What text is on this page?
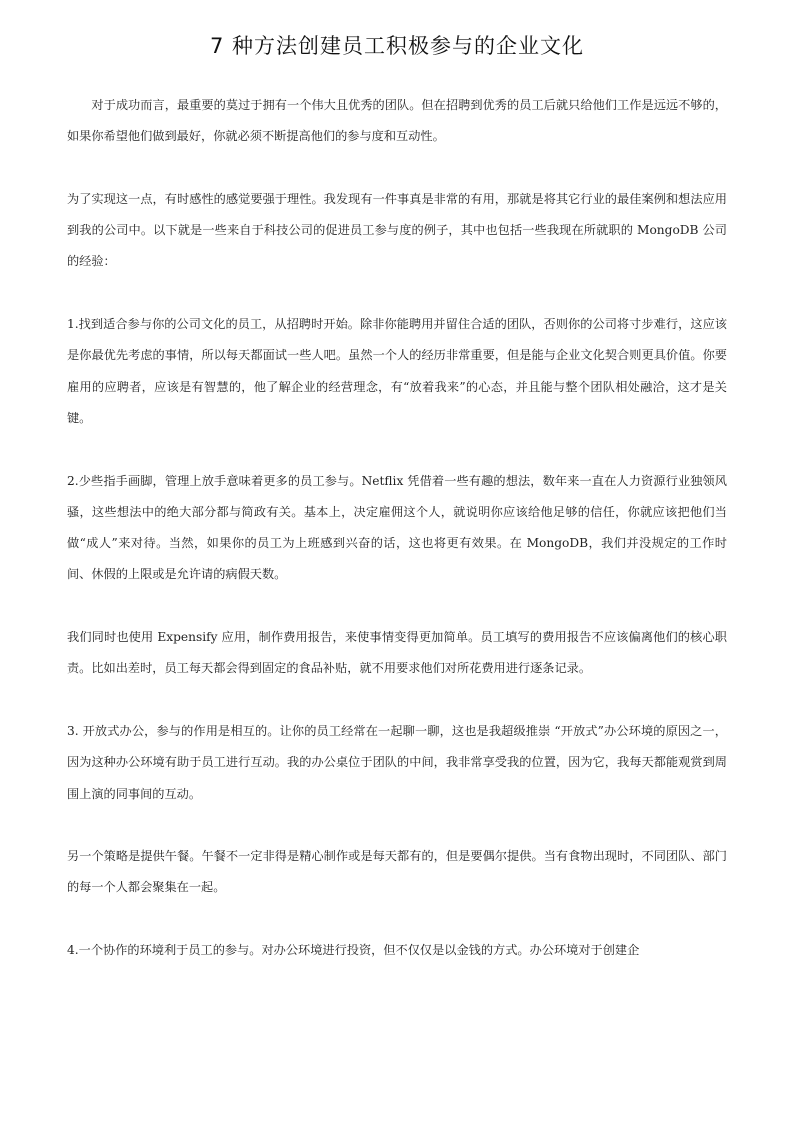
7 种方法创建员工积极参与的企业文化

对于成功而言，最重要的莫过于拥有一个伟大且优秀的团队。但在招聘到优秀的员工后就只给他们工作是远远不够的，如果你希望他们做到最好，你就必须不断提高他们的参与度和互动性。

为了实现这一点，有时感性的感觉要强于理性。我发现有一件事真是非常的有用，那就是将其它行业的最佳案例和想法应用到我的公司中。以下就是一些来自于科技公司的促进员工参与度的例子，其中也包括一些我现在所就职的 MongoDB 公司的经验：

1.找到适合参与你的公司文化的员工，从招聘时开始。除非你能聘用并留住合适的团队，否则你的公司将寸步难行，这应该是你最优先考虑的事情，所以每天都面试一些人吧。虽然一个人的经历非常重要，但是能与企业文化契合则更具价值。你要雇用的应聘者，应该是有智慧的，他了解企业的经营理念，有“放着我来”的心态，并且能与整个团队相处融洽，这才是关键。

2.少些指手画脚，管理上放手意味着更多的员工参与。Netflix 凭借着一些有趣的想法，数年来一直在人力资源行业独领风骚，这些想法中的绝大部分都与简政有关。基本上，决定雇佣这个人，就说明你应该给他足够的信任，你就应该把他们当做“成人”来对待。当然，如果你的员工为上班感到兴奋的话，这也将更有效果。在 MongoDB，我们并没规定的工作时间、休假的上限或是允许请的病假天数。

我们同时也使用 Expensify 应用，制作费用报告，来使事情变得更加简单。员工填写的费用报告不应该偏离他们的核心职责。比如出差时，员工每天都会得到固定的食品补贴，就不用要求他们对所花费用进行逐条记录。

3. 开放式办公，参与的作用是相互的。让你的员工经常在一起聊一聊，这也是我超级推崇 “开放式”办公环境的原因之一，因为这种办公环境有助于员工进行互动。我的办公桌位于团队的中间，我非常享受我的位置，因为它，我每天都能观赏到周围上演的同事间的互动。

另一个策略是提供午餐。午餐不一定非得是精心制作或是每天都有的，但是要偶尔提供。当有食物出现时，不同团队、部门的每一个人都会聚集在一起。

4.一个协作的环境利于员工的参与。对办公环境进行投资，但不仅仅是以金钱的方式。办公环境对于创建企
